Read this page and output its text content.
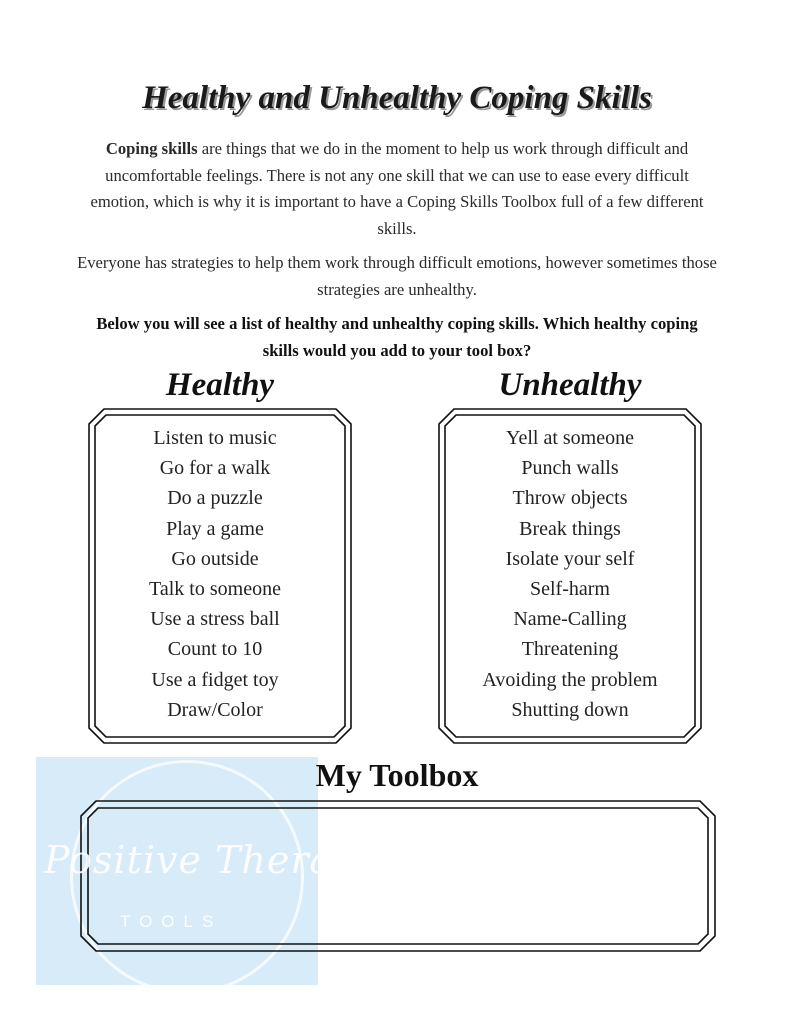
Healthy and Unhealthy Coping Skills
Coping skills are things that we do in the moment to help us work through difficult and uncomfortable feelings. There is not any one skill that we can use to ease every difficult emotion, which is why it is important to have a Coping Skills Toolbox full of a few different skills.
Everyone has strategies to help them work through difficult emotions, however sometimes those strategies are unhealthy.
Below you will see a list of healthy and unhealthy coping skills. Which healthy coping skills would you add to your tool box?
Healthy	Unhealthy
Listen to music
Go for a walk
Do a puzzle
Play a game
Go outside
Talk to someone
Use a stress ball
Count to 10
Use a fidget toy
Draw/Color
Yell at someone
Punch walls
Throw objects
Break things
Isolate your self
Self-harm
Name-Calling
Threatening
Avoiding the problem
Shutting down
My Toolbox
Positive Therapy
TOOLS
